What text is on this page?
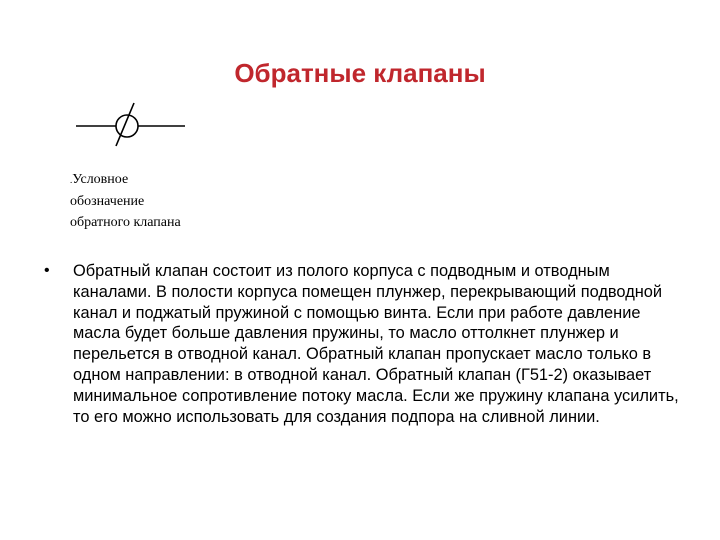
Обратные клапаны
.Условное
обозначение
обратного клапана
• Обратный клапан состоит из полого корпуса с подводным и отводным каналами. В полости корпуса помещен плунжер, перекрывающий подводной канал и поджатый пружиной с помощью винта. Если при работе давление масла будет больше давления пружины, то масло оттолкнет плунжер и перельется в отводной канал. Обратный клапан пропускает масло только в одном направлении: в отводной канал. Обратный клапан (Г51-2) оказывает минимальное сопротивление потоку масла. Если же пружину клапана усилить, то его можно использовать для создания подпора на сливной линии.
